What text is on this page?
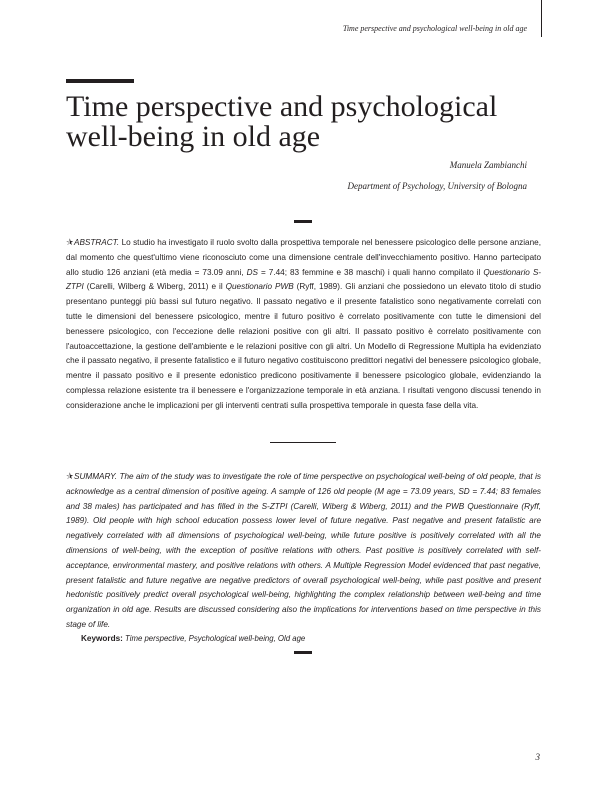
Time perspective and psychological well-being in old age
Time perspective and psychological well-being in old age
Manuela Zambianchi
Department of Psychology, University of Bologna

⯫ABSTRACT. Lo studio ha investigato il ruolo svolto dalla prospettiva temporale nel benessere psicologico delle persone anziane, dal momento che quest'ultimo viene riconosciuto come una dimensione centrale dell'invecchiamento positivo. Hanno partecipato allo studio 126 anziani (età media = 73.09 anni, DS = 7.44; 83 femmine e 38 maschi) i quali hanno compilato il Questionario S-ZTPI (Carelli, Wilberg & Wiberg, 2011) e il Questionario PWB (Ryff, 1989). Gli anziani che possiedono un elevato titolo di studio presentano punteggi più bassi sul futuro negativo. Il passato negativo e il presente fatalistico sono negativamente correlati con tutte le dimensioni del benessere psicologico, mentre il futuro positivo è correlato positivamente con tutte le dimensioni del benessere psicologico, con l'eccezione delle relazioni positive con gli altri. Il passato positivo è correlato positivamente con l'autoaccettazione, la gestione dell'ambiente e le relazioni positive con gli altri. Un Modello di Regressione Multipla ha evidenziato che il passato negativo, il presente fatalistico e il futuro negativo costituiscono predittori negativi del benessere psicologico globale, mentre il passato positivo e il presente edonistico predicono positivamente il benessere psicologico globale, evidenziando la complessa relazione esistente tra il benessere e l'organizzazione temporale in età anziana. I risultati vengono discussi tenendo in considerazione anche le implicazioni per gli interventi centrati sulla prospettiva temporale in questa fase della vita.

⯫SUMMARY. The aim of the study was to investigate the role of time perspective on psychological well-being of old people, that is acknowledge as a central dimension of positive ageing. A sample of 126 old people (M age = 73.09 years, SD = 7.44; 83 females and 38 males) has participated and has filled in the S-ZTPI (Carelli, Wiberg & Wiberg, 2011) and the PWB Questionnaire (Ryff, 1989). Old people with high school education possess lower level of future negative. Past negative and present fatalistic are negatively correlated with all dimensions of psychological well-being, while future positive is positively correlated with all the dimensions of well-being, with the exception of positive relations with others. Past positive is positively correlated with self-acceptance, environmental mastery, and positive relations with others. A Multiple Regression Model evidenced that past negative, present fatalistic and future negative are negative predictors of overall psychological well-being, while past positive and present hedonistic positively predict overall psychological well-being, highlighting the complex relationship between well-being and time organization in old age. Results are discussed considering also the implications for interventions based on time perspective in this stage of life.

Keywords: Time perspective, Psychological well-being, Old age
3
